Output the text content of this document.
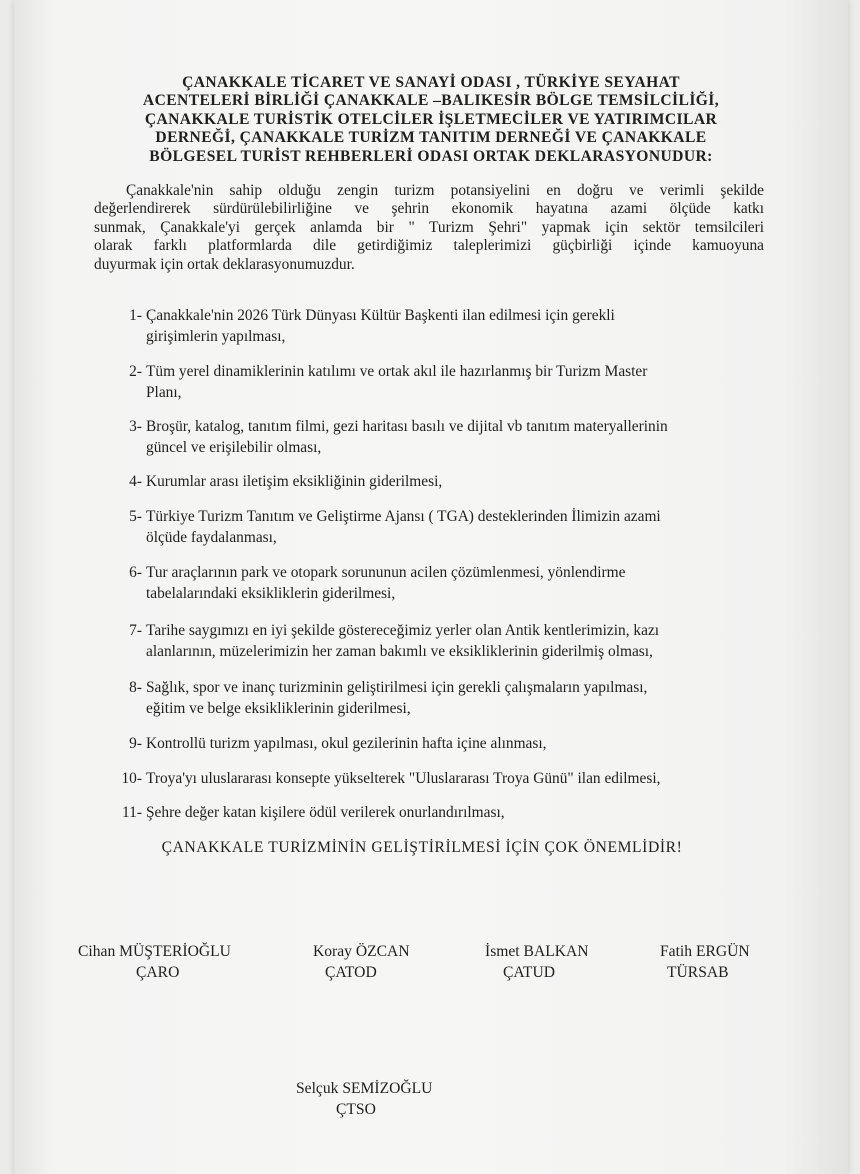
ÇANAKKALE TİCARET VE SANAYİ ODASI , TÜRKİYE SEYAHAT
ACENTELERİ BİRLİĞİ ÇANAKKALE –BALIKESİR BÖLGE TEMSİLCİLİĞİ,
ÇANAKKALE TURİSTİK OTELCİLER İŞLETMECİLER VE YATIRIMCILAR
DERNEĞİ, ÇANAKKALE TURİZM TANITIM DERNEĞİ VE ÇANAKKALE
BÖLGESEL TURİST REHBERLERİ ODASI ORTAK DEKLARASYONUDUR:
Çanakkale'nin sahip olduğu zengin turizm potansiyelini en doğru ve verimli şekilde
değerlendirerek sürdürülebilirliğine ve şehrin ekonomik hayatına azami ölçüde katkı
sunmak, Çanakkale'yi gerçek anlamda bir " Turizm Şehri" yapmak için sektör temsilcileri
olarak farklı platformlarda dile getirdiğimiz taleplerimizi güçbirliği içinde kamuoyuna
duyurmak için ortak deklarasyonumuzdur.
1- Çanakkale'nin 2026 Türk Dünyası Kültür Başkenti ilan edilmesi için gerekli
girişimlerin yapılması,
2- Tüm yerel dinamiklerinin katılımı ve ortak akıl ile hazırlanmış bir Turizm Master
Planı,
3- Broşür, katalog, tanıtım filmi, gezi haritası basılı ve dijital vb tanıtım materyallerinin
güncel ve erişilebilir olması,
4- Kurumlar arası iletişim eksikliğinin giderilmesi,
5- Türkiye Turizm Tanıtım ve Geliştirme Ajansı ( TGA) desteklerinden İlimizin azami
ölçüde faydalanması,
6- Tur araçlarının park ve otopark sorununun acilen çözümlenmesi, yönlendirme
tabelalarındaki eksikliklerin giderilmesi,
7- Tarihe saygımızı en iyi şekilde göstereceğimiz yerler olan Antik kentlerimizin, kazı
alanlarının, müzelerimizin her zaman bakımlı ve eksikliklerinin giderilmiş olması,
8- Sağlık, spor ve inanç turizminin geliştirilmesi için gerekli çalışmaların yapılması,
eğitim ve belge eksikliklerinin giderilmesi,
9- Kontrollü turizm yapılması, okul gezilerinin hafta içine alınması,
10- Troya'yı uluslararası konsepte yükselterek "Uluslararası Troya Günü" ilan edilmesi,
11- Şehre değer katan kişilere ödül verilerek onurlandırılması,
ÇANAKKALE TURİZMİNİN GELİŞTİRİLMESİ İÇİN ÇOK ÖNEMLİDİR!
Cihan MÜŞTERİOĞLU
ÇARO
Koray ÖZCAN
ÇATOD
İsmet BALKAN
ÇATUD
Fatih ERGÜN
TÜRSAB
Selçuk SEMİZOĞLU
ÇTSO
